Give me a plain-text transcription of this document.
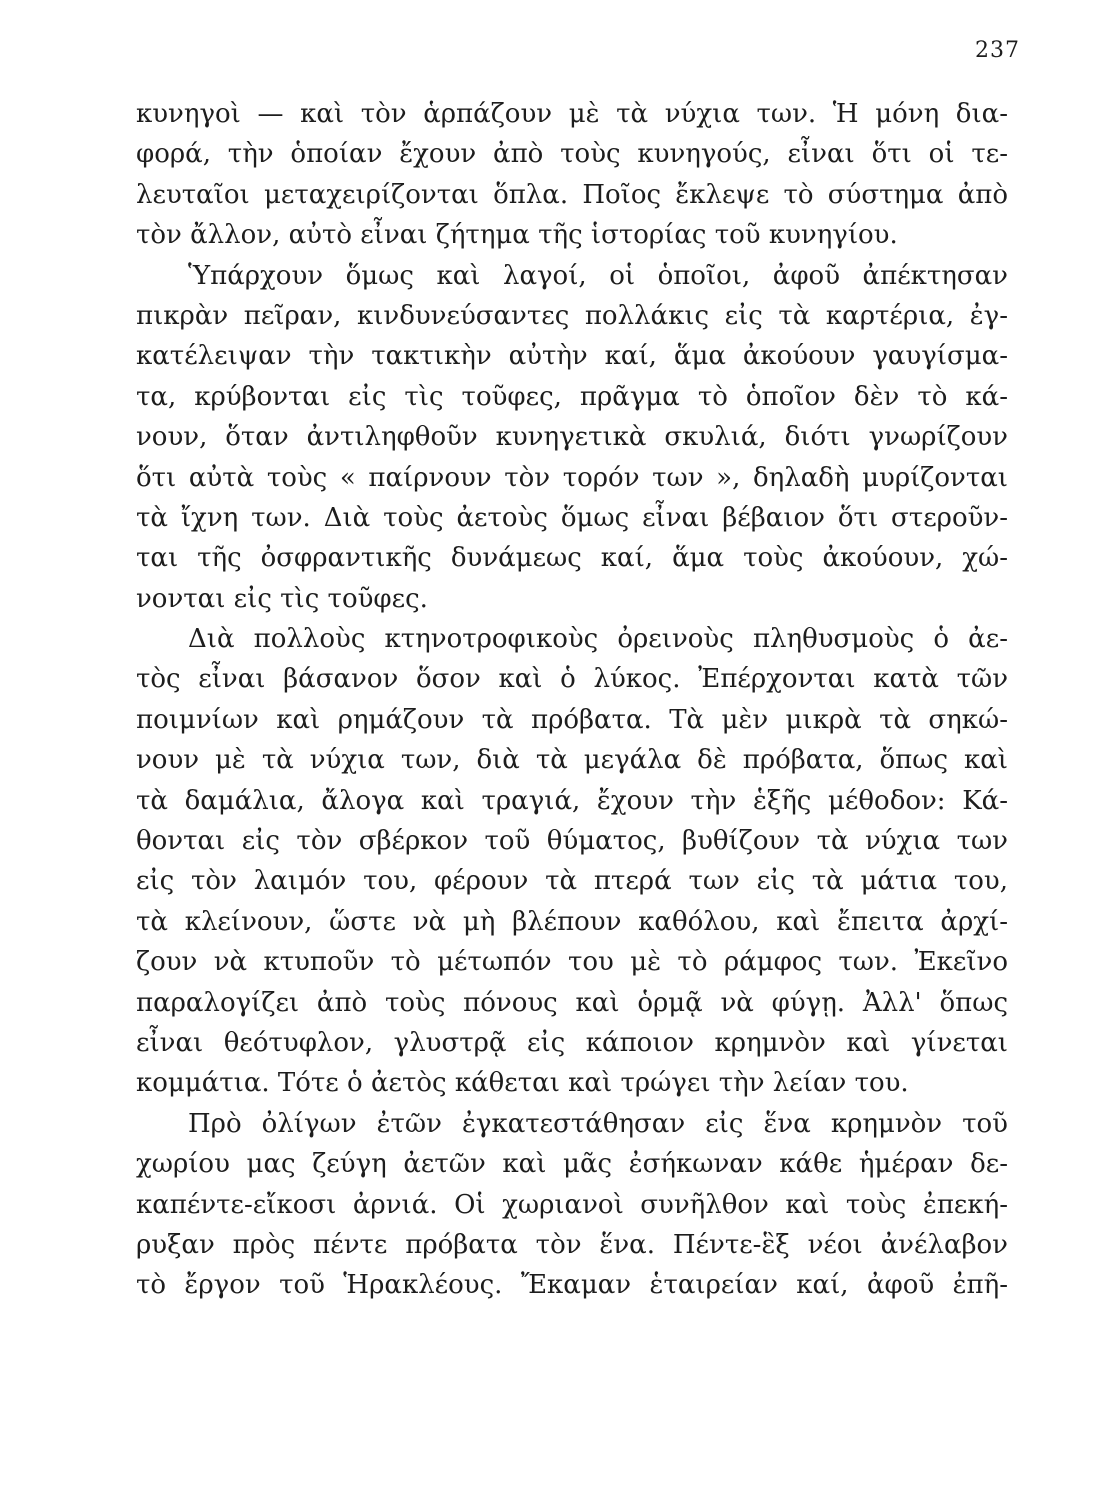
237
κυνηγοὶ — καὶ τὸν ἁρπάζουν μὲ τὰ νύχια των. Ἡ μόνη δια-
φορά, τὴν ὁποίαν ἔχουν ἀπὸ τοὺς κυνηγούς, εἶναι ὅτι οἱ τε-
λευταῖοι μεταχειρίζονται ὅπλα. Ποῖος ἔκλεψε τὸ σύστημα ἀπὸ
τὸν ἄλλον, αὐτὸ εἶναι ζήτημα τῆς ἱστορίας τοῦ κυνηγίου.
Ὑπάρχουν ὅμως καὶ λαγοί, οἱ ὁποῖοι, ἀφοῦ ἀπέκτησαν
πικρὰν πεῖραν, κινδυνεύσαντες πολλάκις εἰς τὰ καρτέρια, ἐγ-
κατέλειψαν τὴν τακτικὴν αὐτὴν καί, ἅμα ἀκούουν γαυγίσμα-
τα, κρύβονται εἰς τὶς τοῦφες, πρᾶγμα τὸ ὁποῖον δὲν τὸ κά-
νουν, ὅταν ἀντιληφθοῦν κυνηγετικὰ σκυλιά, διότι γνωρίζουν
ὅτι αὐτὰ τοὺς « παίρνουν τὸν τορόν των », δηλαδὴ μυρίζονται
τὰ ἴχνη των. Διὰ τοὺς ἀετοὺς ὅμως εἶναι βέβαιον ὅτι στεροῦν-
ται τῆς ὀσφραντικῆς δυνάμεως καί, ἅμα τοὺς ἀκούουν, χώ-
νονται εἰς τὶς τοῦφες.
Διὰ πολλοὺς κτηνοτροφικοὺς ὀρεινοὺς πληθυσμοὺς ὁ ἀε-
τὸς εἶναι βάσανον ὅσον καὶ ὁ λύκος. Ἐπέρχονται κατὰ τῶν
ποιμνίων καὶ ρημάζουν τὰ πρόβατα. Τὰ μὲν μικρὰ τὰ σηκώ-
νουν μὲ τὰ νύχια των, διὰ τὰ μεγάλα δὲ πρόβατα, ὅπως καὶ
τὰ δαμάλια, ἄλογα καὶ τραγιά, ἔχουν τὴν ἑξῆς μέθοδον: Κά-
θονται εἰς τὸν σβέρκον τοῦ θύματος, βυθίζουν τὰ νύχια των
εἰς τὸν λαιμόν του, φέρουν τὰ πτερά των εἰς τὰ μάτια του,
τὰ κλείνουν, ὥστε νὰ μὴ βλέπουν καθόλου, καὶ ἔπειτα ἀρχί-
ζουν νὰ κτυποῦν τὸ μέτωπόν του μὲ τὸ ράμφος των. Ἐκεῖνο
παραλογίζει ἀπὸ τοὺς πόνους καὶ ὁρμᾷ νὰ φύγῃ. Ἀλλ' ὅπως
εἶναι θεότυφλον, γλυστρᾷ εἰς κάποιον κρημνὸν καὶ γίνεται
κομμάτια. Τότε ὁ ἀετὸς κάθεται καὶ τρώγει τὴν λείαν του.
Πρὸ ὀλίγων ἐτῶν ἐγκατεστάθησαν εἰς ἕνα κρημνὸν τοῦ
χωρίου μας ζεύγη ἀετῶν καὶ μᾶς ἐσήκωναν κάθε ἡμέραν δε-
καπέντε-εἴκοσι ἀρνιά. Οἱ χωριανοὶ συνῆλθον καὶ τοὺς ἐπεκή-
ρυξαν πρὸς πέντε πρόβατα τὸν ἕνα. Πέντε-ἓξ νέοι ἀνέλαβον
τὸ ἔργον τοῦ Ἡρακλέους. Ἔκαμαν ἑταιρείαν καί, ἀφοῦ ἐπῆ-
